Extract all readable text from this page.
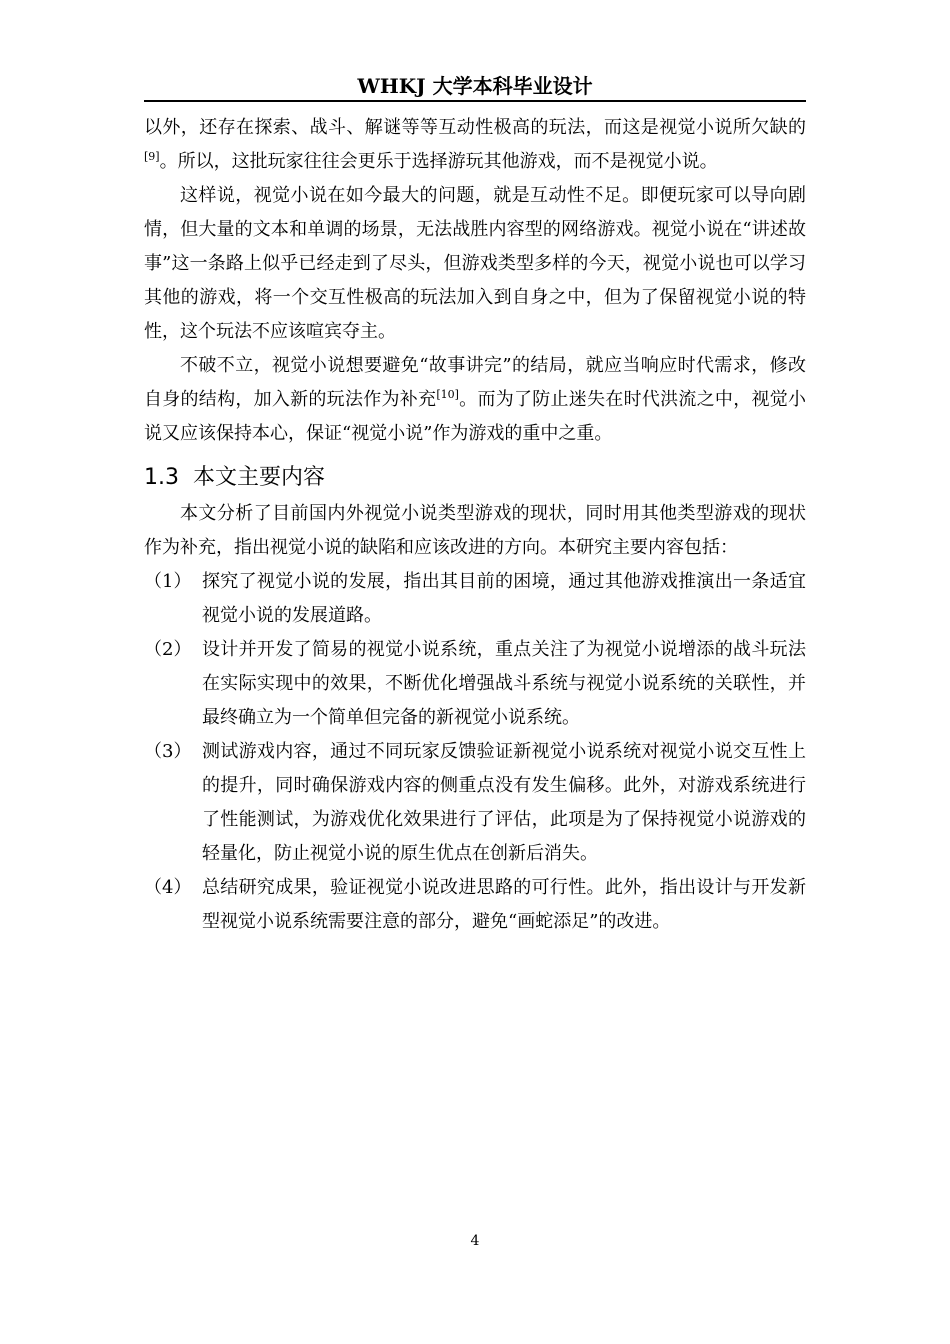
WHKJ 大学本科毕业设计

以外，还存在探索、战斗、解谜等等互动性极高的玩法，而这是视觉小说所欠缺的[9]。所以，这批玩家往往会更乐于选择游玩其他游戏，而不是视觉小说。

这样说，视觉小说在如今最大的问题，就是互动性不足。即便玩家可以导向剧情，但大量的文本和单调的场景，无法战胜内容型的网络游戏。视觉小说在“讲述故事”这一条路上似乎已经走到了尽头，但游戏类型多样的今天，视觉小说也可以学习其他的游戏，将一个交互性极高的玩法加入到自身之中，但为了保留视觉小说的特性，这个玩法不应该喧宾夺主。

不破不立，视觉小说想要避免“故事讲完”的结局，就应当响应时代需求，修改自身的结构，加入新的玩法作为补充[10]。而为了防止迷失在时代洪流之中，视觉小说又应该保持本心，保证“视觉小说”作为游戏的重中之重。

1.3 本文主要内容

本文分析了目前国内外视觉小说类型游戏的现状，同时用其他类型游戏的现状作为补充，指出视觉小说的缺陷和应该改进的方向。本研究主要内容包括：

（1） 探究了视觉小说的发展，指出其目前的困境，通过其他游戏推演出一条适宜视觉小说的发展道路。
（2） 设计并开发了简易的视觉小说系统，重点关注了为视觉小说增添的战斗玩法在实际实现中的效果，不断优化增强战斗系统与视觉小说系统的关联性，并最终确立为一个简单但完备的新视觉小说系统。
（3） 测试游戏内容，通过不同玩家反馈验证新视觉小说系统对视觉小说交互性上的提升，同时确保游戏内容的侧重点没有发生偏移。此外，对游戏系统进行了性能测试，为游戏优化效果进行了评估，此项是为了保持视觉小说游戏的轻量化，防止视觉小说的原生优点在创新后消失。
（4） 总结研究成果，验证视觉小说改进思路的可行性。此外，指出设计与开发新型视觉小说系统需要注意的部分，避免“画蛇添足”的改进。
4
